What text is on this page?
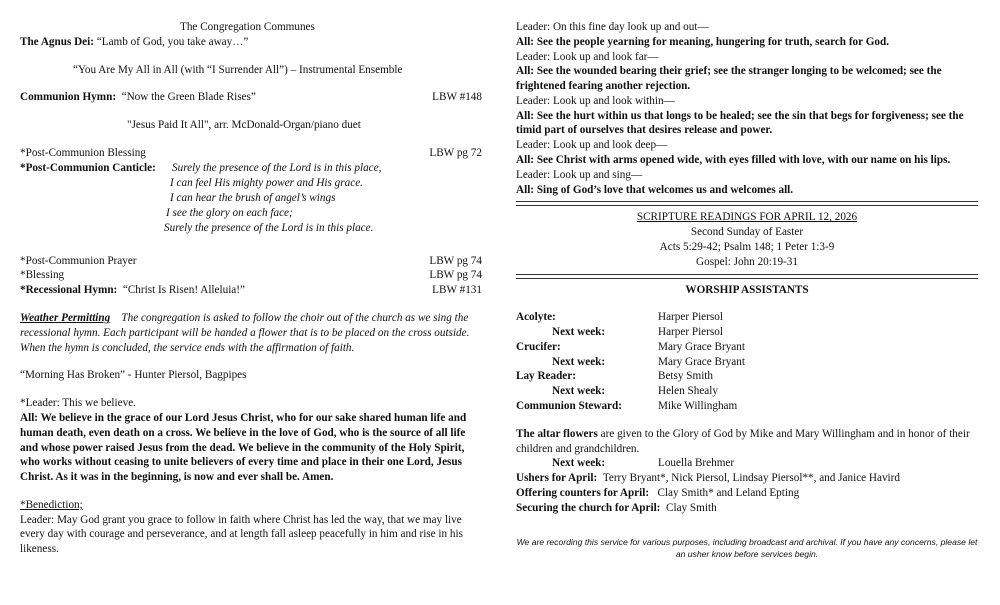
The Congregation Communes
The Agnus Dei: “Lamb of God, you take away…”
“You Are My All in All (with “I Surrender All”) – Instrumental Ensemble
Communion Hymn: “Now the Green Blade Rises”	LBW #148
"Jesus Paid It All", arr. McDonald-Organ/piano duet
*Post-Communion Blessing	LBW pg 72
*Post-Communion Canticle: Surely the presence of the Lord is in this place,
I can feel His mighty power and His grace.
I can hear the brush of angel’s wings
I see the glory on each face;
Surely the presence of the Lord is in this place.
*Post-Communion Prayer	LBW pg 74
*Blessing	LBW pg 74
*Recessional Hymn: “Christ Is Risen! Alleluia!”	LBW #131
Weather Permitting The congregation is asked to follow the choir out of the church as we sing the recessional hymn. Each participant will be handed a flower that is to be placed on the cross outside. When the hymn is concluded, the service ends with the affirmation of faith.
“Morning Has Broken” - Hunter Piersol, Bagpipes
*Leader: This we believe.
All: We believe in the grace of our Lord Jesus Christ, who for our sake shared human life and human death, even death on a cross. We believe in the love of God, who is the source of all life and whose power raised Jesus from the dead. We believe in the community of the Holy Spirit, who works without ceasing to unite believers of every time and place in their one Lord, Jesus Christ. As it was in the beginning, is now and ever shall be. Amen.
*Benediction;
Leader: May God grant you grace to follow in faith where Christ has led the way, that we may live every day with courage and perseverance, and at length fall asleep peacefully in him and rise in his likeness.
Leader: On this fine day look up and out—
All: See the people yearning for meaning, hungering for truth, search for God.
Leader: Look up and look far—
All: See the wounded bearing their grief; see the stranger longing to be welcomed; see the frightened fearing another rejection.
Leader: Look up and look within—
All: See the hurt within us that longs to be healed; see the sin that begs for forgiveness; see the timid part of ourselves that desires release and power.
Leader: Look up and look deep—
All: See Christ with arms opened wide, with eyes filled with love, with our name on his lips.
Leader: Look up and sing—
All: Sing of God’s love that welcomes us and welcomes all.
SCRIPTURE READINGS FOR APRIL 12, 2026
Second Sunday of Easter
Acts 5:29-42; Psalm 148; 1 Peter 1:3-9
Gospel: John 20:19-31
WORSHIP ASSISTANTS
Acolyte:	Harper Piersol
Next week:	Harper Piersol
Crucifer:	Mary Grace Bryant
Next week:	Mary Grace Bryant
Lay Reader:	Betsy Smith
Next week:	Helen Shealy
Communion Steward:	Mike Willingham
The altar flowers are given to the Glory of God by Mike and Mary Willingham and in honor of their children and grandchildren.
Next week:	Louella Brehmer
Ushers for April: Terry Bryant*, Nick Piersol, Lindsay Piersol**, and Janice Havird
Offering counters for April: Clay Smith* and Leland Epting
Securing the church for April: Clay Smith
We are recording this service for various purposes, including broadcast and archival. If you have any concerns, please let an usher know before services begin.
